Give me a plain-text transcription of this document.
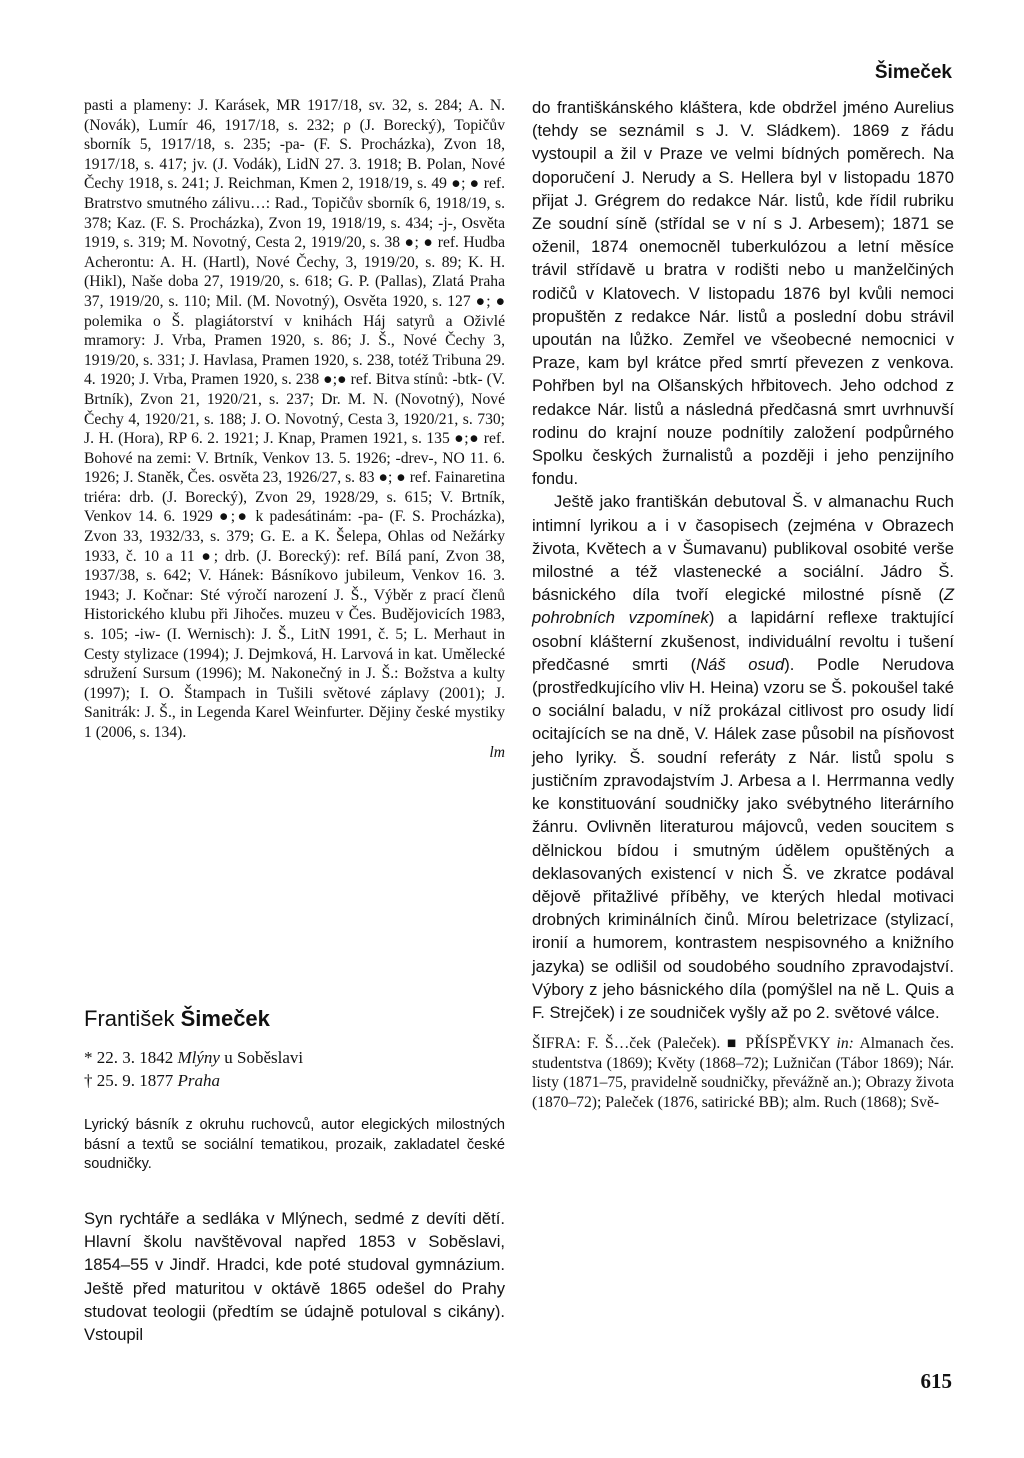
Šimeček

pasti a plameny: J. Karásek, MR 1917/18, sv. 32, s. 284; A. N. (Novák), Lumír 46, 1917/18, s. 232; ρ (J. Borecký), Topičův sborník 5, 1917/18, s. 235; -pa- (F. S. Procházka), Zvon 18, 1917/18, s. 417; jv. (J. Vodák), LidN 27. 3. 1918; B. Polan, Nové Čechy 1918, s. 241; J. Reichman, Kmen 2, 1918/19, s. 49 ●; ● ref. Bratrstvo smutného zálivu…: Rad., Topičův sborník 6, 1918/19, s. 378; Kaz. (F. S. Procházka), Zvon 19, 1918/19, s. 434; -j-, Osvěta 1919, s. 319; M. Novotný, Cesta 2, 1919/20, s. 38 ●; ● ref. Hudba Acherontu: A. H. (Hartl), Nové Čechy, 3, 1919/20, s. 89; K. H. (Hikl), Naše doba 27, 1919/20, s. 618; G. P. (Pallas), Zlatá Praha 37, 1919/20, s. 110; Mil. (M. Novotný), Osvěta 1920, s. 127 ●; ● polemika o Š. plagiátorství v knihách Háj satyrů a Oživlé mramory: J. Vrba, Pramen 1920, s. 86; J. Š., Nové Čechy 3, 1919/20, s. 331; J. Havlasa, Pramen 1920, s. 238, totéž Tribuna 29. 4. 1920; J. Vrba, Pramen 1920, s. 238 ●;● ref. Bitva stínů: -btk- (V. Brtník), Zvon 21, 1920/21, s. 237; Dr. M. N. (Novotný), Nové Čechy 4, 1920/21, s. 188; J. O. Novotný, Cesta 3, 1920/21, s. 730; J. H. (Hora), RP 6. 2. 1921; J. Knap, Pramen 1921, s. 135 ●;● ref. Bohové na zemi: V. Brtník, Venkov 13. 5. 1926; -drev-, NO 11. 6. 1926; J. Staněk, Čes. osvěta 23, 1926/27, s. 83 ●; ● ref. Fainaretina triéra: drb. (J. Borecký), Zvon 29, 1928/29, s. 615; V. Brtník, Venkov 14. 6. 1929 ●;● k padesátinám: -pa- (F. S. Procházka), Zvon 33, 1932/33, s. 379; G. E. a K. Šelepa, Ohlas od Nežárky 1933, č. 10 a 11 ●; drb. (J. Borecký): ref. Bílá paní, Zvon 38, 1937/38, s. 642; V. Hánek: Básníkovo jubileum, Venkov 16. 3. 1943; J. Kočnar: Sté výročí narození J. Š., Výběr z prací členů Historického klubu při Jihočes. muzeu v Čes. Budějovicích 1983, s. 105; -iw- (I. Wernisch): J. Š., LitN 1991, č. 5; L. Merhaut in Cesty stylizace (1994); J. Dejmková, H. Larvová in kat. Umělecké sdružení Sursum (1996); M. Nakonečný in J. Š.: Božstva a kulty (1997); I. O. Štampach in Tušili světové záplavy (2001); J. Sanitrák: J. Š., in Legenda Karel Weinfurter. Dějiny české mystiky 1 (2006, s. 134).

lm

František Šimeček
* 22. 3. 1842 Mlýny u Soběslavi
† 25. 9. 1877 Praha

Lyrický básník z okruhu ruchovců, autor elegických milostných básní a textů se sociální tematikou, prozaik, zakladatel české soudničky.

Syn rychtáře a sedláka v Mlýnech, sedmé z devíti dětí. Hlavní školu navštěvoval napřed 1853 v Soběslavi, 1854–55 v Jindř. Hradci, kde poté studoval gymnázium. Ještě před maturitou v oktávě 1865 odešel do Prahy studovat teologii (předtím se údajně potuloval s cikány). Vstoupil

do františkánského kláštera, kde obdržel jméno Aurelius (tehdy se seznámil s J. V. Sládkem). 1869 z řádu vystoupil a žil v Praze ve velmi bídných poměrech. Na doporučení J. Nerudy a S. Hellera byl v listopadu 1870 přijat J. Grégrem do redakce Nár. listů, kde řídil rubriku Ze soudní síně (střídal se v ní s J. Arbesem); 1871 se oženil, 1874 onemocněl tuberkulózou a letní měsíce trávil střídavě u bratra v rodišti nebo u manželčiných rodičů v Klatovech. V listopadu 1876 byl kvůli nemoci propuštěn z redakce Nár. listů a poslední dobu strávil upoután na lůžko. Zemřel ve všeobecné nemocnici v Praze, kam byl krátce před smrtí převezen z venkova. Pohřben byl na Olšanských hřbitovech. Jeho odchod z redakce Nár. listů a následná předčasná smrt uvrhnuvší rodinu do krajní nouze podnítily založení podpůrného Spolku českých žurnalistů a později i jeho penzijního fondu.

Ještě jako františkán debutoval Š. v almanachu Ruch intimní lyrikou a i v časopisech (zejména v Obrazech života, Květech a v Šumavanu) publikoval osobité verše milostné a též vlastenecké a sociální. Jádro Š. básnického díla tvoří elegické milostné písně (Z pohrobních vzpomínek) a lapidární reflexe traktující osobní klášterní zkušenost, individuální revoltu i tušení předčasné smrti (Náš osud). Podle Nerudova (prostředkujícího vliv H. Heina) vzoru se Š. pokoušel také o sociální baladu, v níž prokázal citlivost pro osudy lidí ocitajících se na dně, V. Hálek zase působil na písňovost jeho lyriky. Š. soudní referáty z Nár. listů spolu s justičním zpravodajstvím J. Arbesa a I. Herrmanna vedly ke konstituování soudničky jako svébytného literárního žánru. Ovlivněn literaturou májovců, veden soucitem s dělnickou bídou i smutným údělem opuštěných a deklasovaných existencí v nich Š. ve zkratce podával dějově přitažlivé příběhy, ve kterých hledal motivaci drobných kriminálních činů. Mírou beletrizace (stylizací, ironií a humorem, kontrastem nespisovného a knižního jazyka) se odlišil od soudobého soudního zpravodajství. Výbory z jeho básnického díla (pomýšlel na ně L. Quis a F. Strejček) i ze soudniček vyšly až po 2. světové válce.

ŠIFRA: F. Š…ček (Paleček). ■ PŘÍSPĚVKY in: Almanach čes. studentstva (1869); Květy (1868–72); Lužničan (Tábor 1869); Nár. listy (1871–75, pravidelně soudničky, převážně an.); Obrazy života (1870–72); Paleček (1876, satirické BB); alm. Ruch (1868); Svě-

615
